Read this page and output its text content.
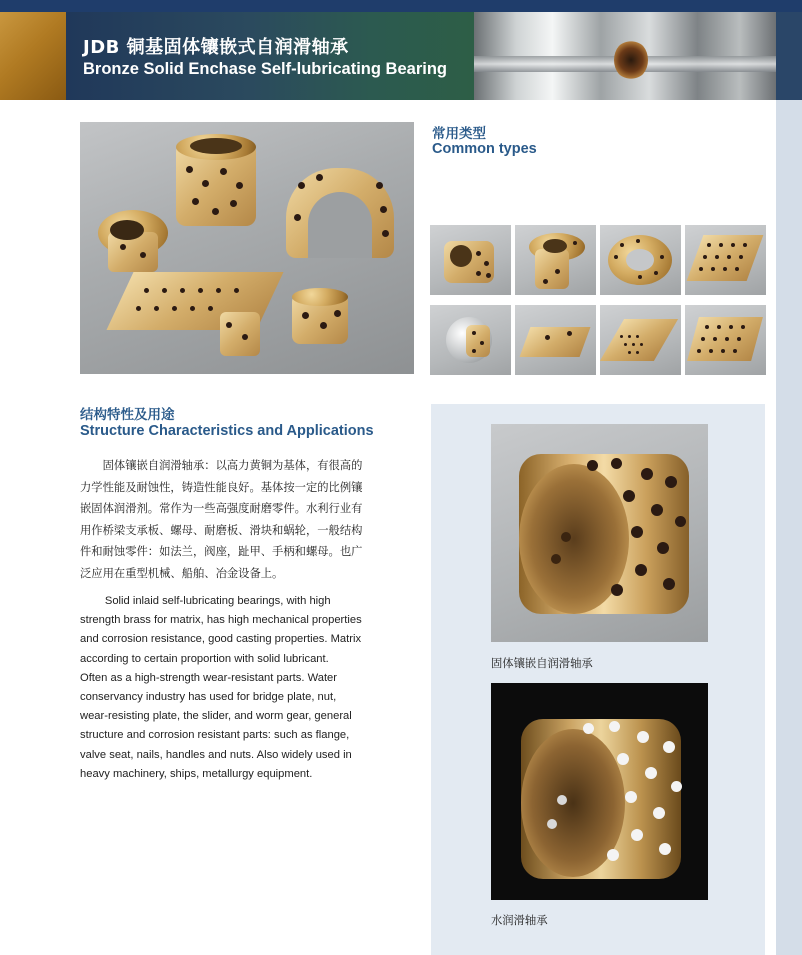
JDB 铜基固体镶嵌式自润滑轴承
Bronze Solid Enchase Self-lubricating Bearing
常用类型
Common types
结构特性及用途
Structure Characteristics and Applications
　　固体镶嵌自润滑轴承：以高力黄铜为基体，有很高的
力学性能及耐蚀性，铸造性能良好。基体按一定的比例镶
嵌固体润滑剂。常作为一些高强度耐磨零件。水利行业有
用作桥梁支承板、螺母、耐磨板、滑块和蜗轮，一般结构
件和耐蚀零件：如法兰，阀座，趾甲、手柄和螺母。也广
泛应用在重型机械、船舶、冶金设备上。
Solid inlaid self-lubricating bearings, with high
strength brass for matrix, has high mechanical properties
and corrosion resistance, good casting properties. Matrix
according to certain proportion with solid lubricant.
Often as a high-strength wear-resistant parts. Water
conservancy industry has used for bridge plate, nut,
wear-resisting plate, the slider, and worm gear, general
structure and corrosion resistant parts: such as flange,
valve seat, nails, handles and nuts. Also widely used in
heavy machinery, ships, metallurgy equipment.
固体镶嵌自润滑轴承
水润滑轴承
